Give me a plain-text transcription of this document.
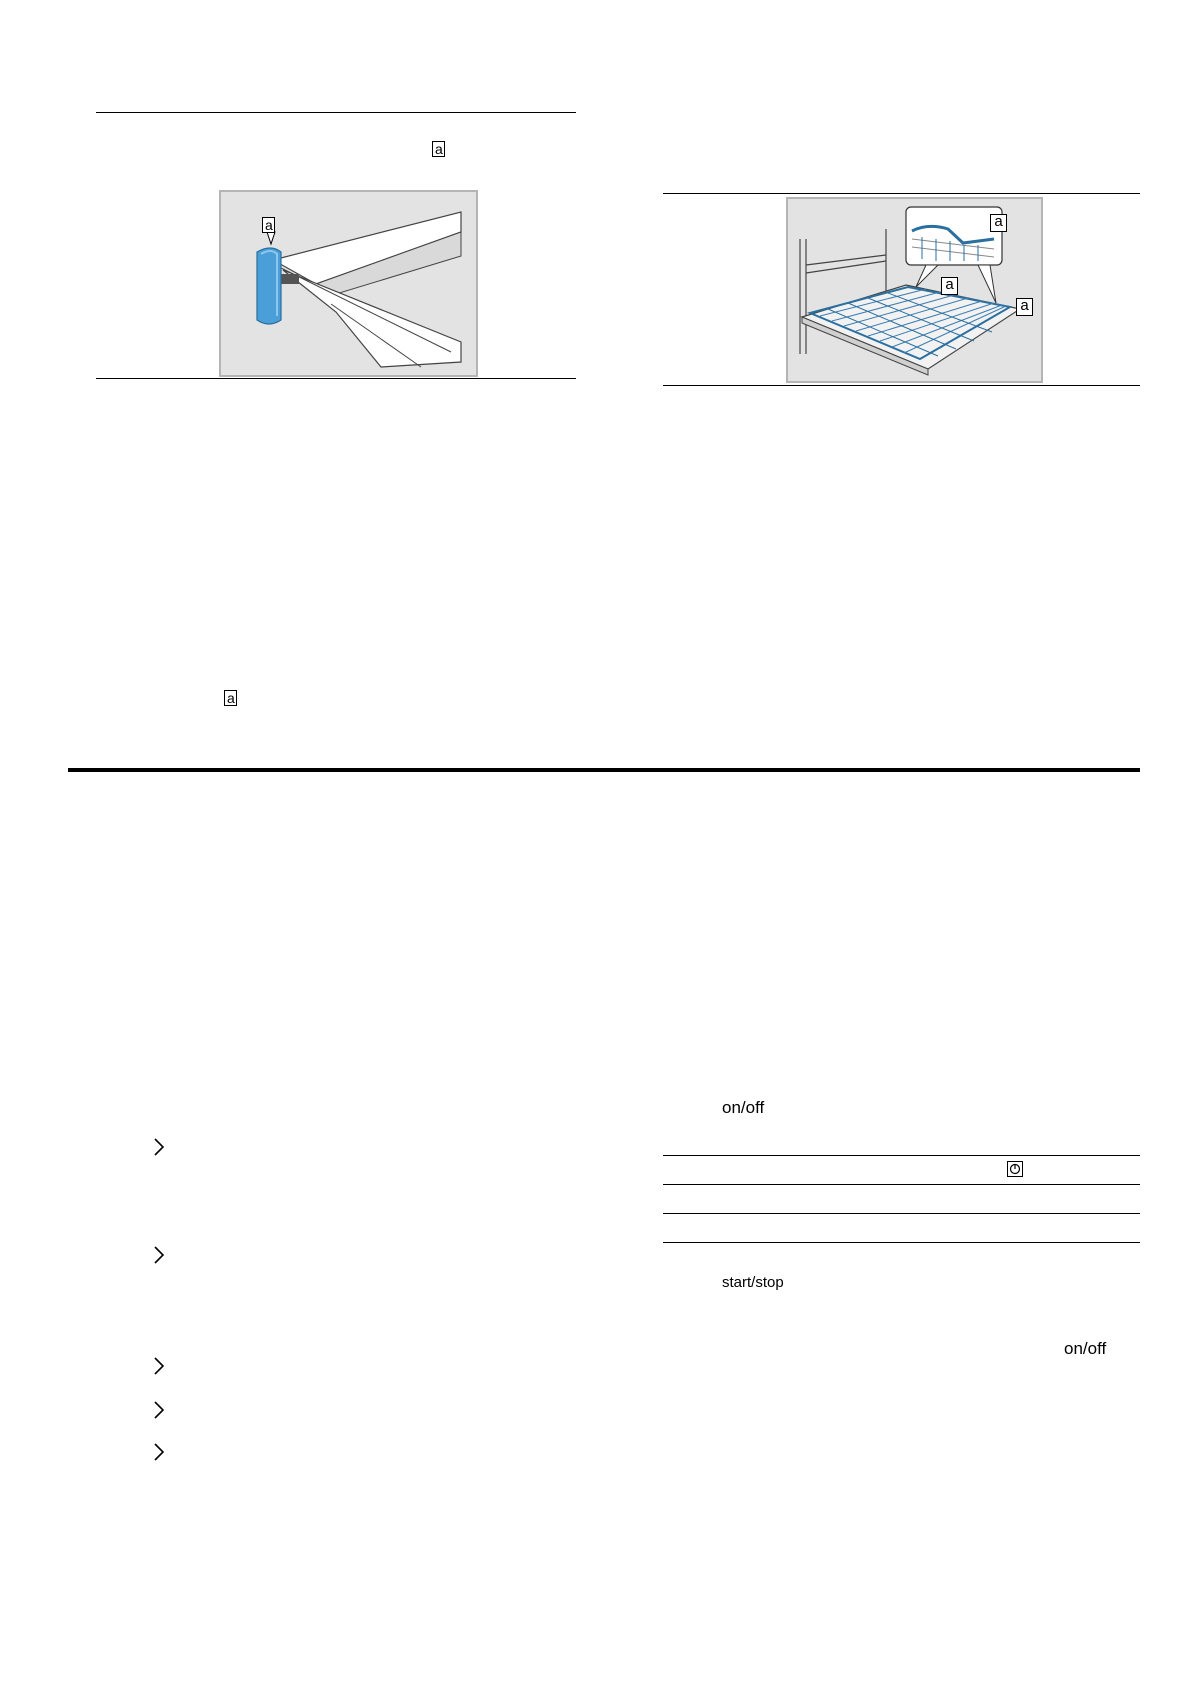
a
a	a
a
a
a
on/off
start/stop
on/off
